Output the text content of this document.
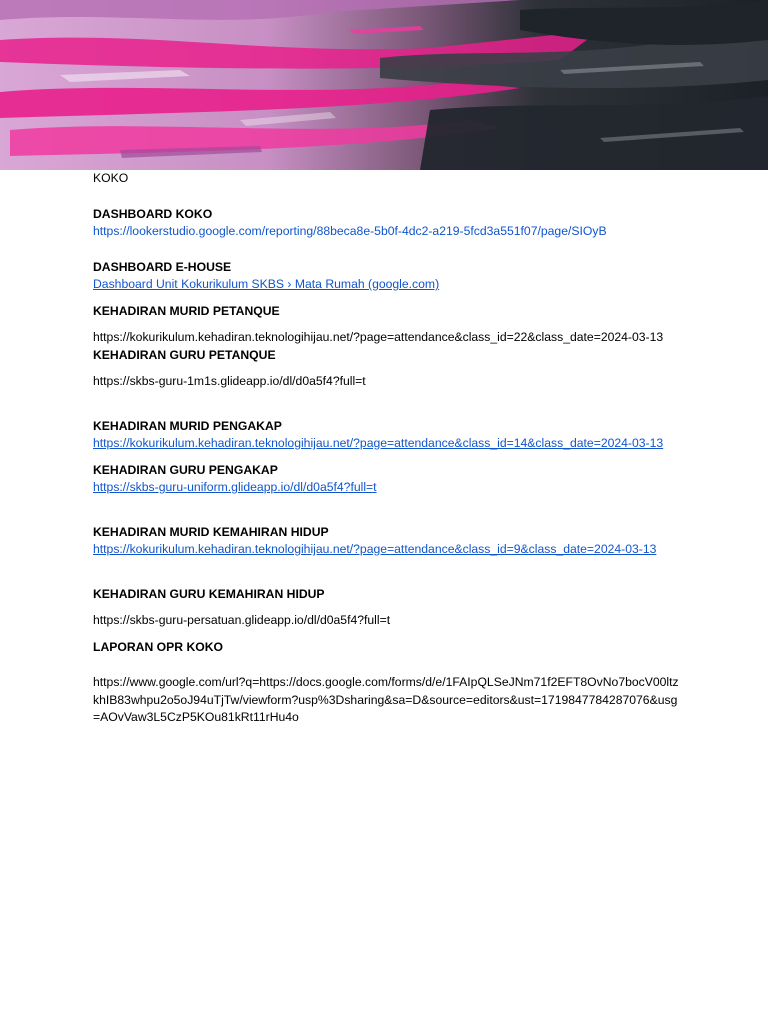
KOKO

DASHBOARD KOKO

https://lookerstudio.google.com/reporting/88beca8e-5b0f-4dc2-a219-5fcd3a551f07/page/SIOyB

DASHBOARD E-HOUSE

Dashboard Unit Kokurikulum SKBS › Mata Rumah (google.com)

KEHADIRAN MURID PETANQUE

https://kokurikulum.kehadiran.teknologihijau.net/?page=attendance&class_id=22&class_date=2024-03-13

KEHADIRAN GURU PETANQUE

https://skbs-guru-1m1s.glideapp.io/dl/d0a5f4?full=t

KEHADIRAN MURID PENGAKAP

https://kokurikulum.kehadiran.teknologihijau.net/?page=attendance&class_id=14&class_date=2024-03-13

KEHADIRAN GURU PENGAKAP

https://skbs-guru-uniform.glideapp.io/dl/d0a5f4?full=t

KEHADIRAN MURID KEMAHIRAN HIDUP

https://kokurikulum.kehadiran.teknologihijau.net/?page=attendance&class_id=9&class_date=2024-03-13

KEHADIRAN GURU KEMAHIRAN HIDUP

https://skbs-guru-persatuan.glideapp.io/dl/d0a5f4?full=t

LAPORAN OPR KOKO

https://www.google.com/url?q=https://docs.google.com/forms/d/e/1FAIpQLSeJNm71f2EFT8OvNo7bocV00ltzkhIB83whpu2o5oJ94uTjTw/viewform?usp%3Dsharing&sa=D&source=editors&ust=1719847784287076&usg=AOvVaw3L5CzP5KOu81kRt11rHu4o
